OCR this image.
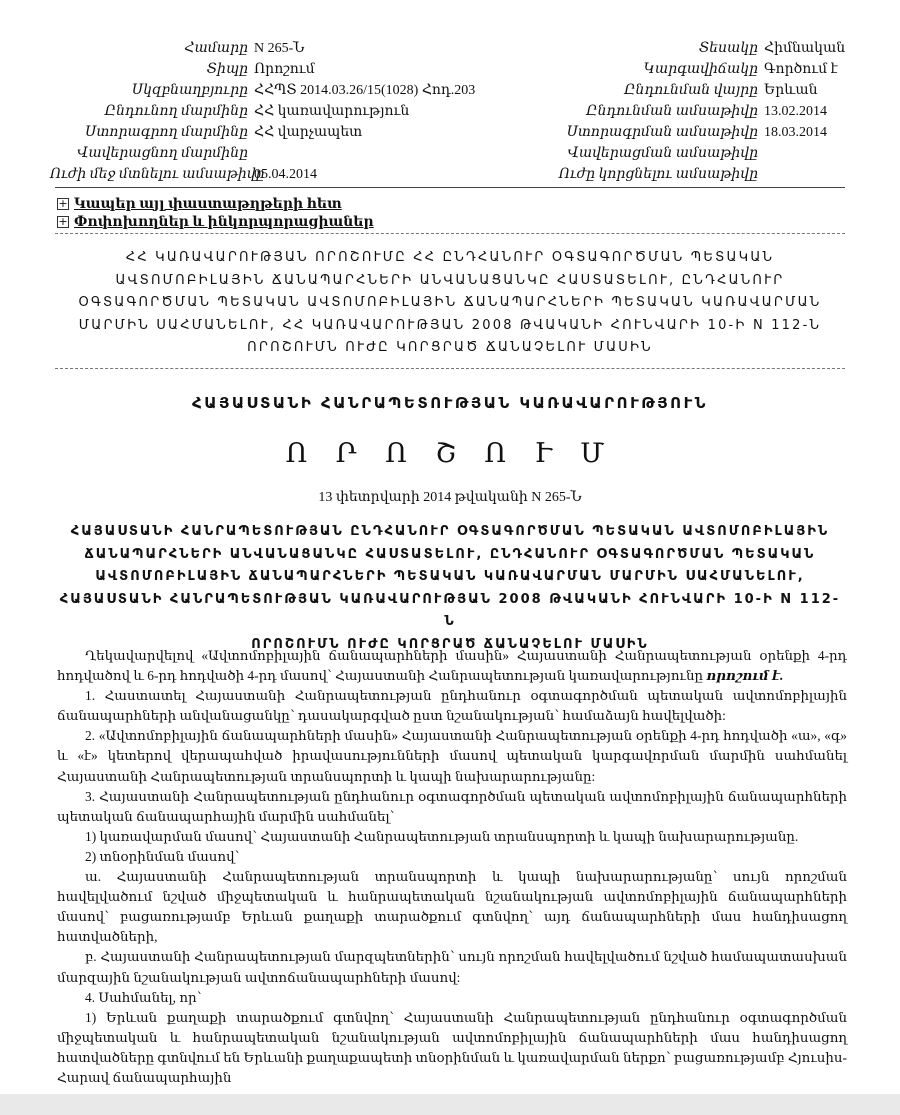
Համարը N 265-Ն
Տիպը Որոշում
Սկզբնաղբյուրը ՀՀՊՏ 2014.03.26/15(1028) Հոդ.203
Ընդունող մարմինը ՀՀ կառավարություն
Ստորագրող մարմինը ՀՀ վարչապետ
Վավերացնող մարմինը
Ուժի մեջ մտնելու ամսաթիվը
05.04.2014
Տեսակը Հիմնական
Կարգավիճակը Գործում է
Ընդունման վայրը Երևան
Ընդունման ամսաթիվը 13.02.2014
Ստորագրման ամսաթիվը 18.03.2014
Վավերացման ամսաթիվը
Ուժը կորցնելու ամսաթիվը
+ Կապեր այլ փաստաթղթերի հետ
+ Փոփոխողներ և ինկորպորացիաներ
ՀՀ ԿԱՌԱՎԱՐՈՒԹՅԱՆ ՈՐՈՇՈՒՄԸ ՀՀ ԸՆԴՀԱՆՈՒՐ ՕԳՏԱԳՈՐԾՄԱՆ ՊԵՏԱԿԱՆ
ԱՎՏՈՄՈԲԻԼԱՅԻՆ ՃԱՆԱՊԱՐՀՆԵՐԻ ԱՆՎԱՆԱՑԱՆԿԸ ՀԱՍՏԱՏԵԼՈՒ, ԸՆԴՀԱՆՈՒՐ
ՕԳՏԱԳՈՐԾՄԱՆ ՊԵՏԱԿԱՆ ԱՎՏՈՄՈԲԻԼԱՅԻՆ ՃԱՆԱՊԱՐՀՆԵՐԻ ՊԵՏԱԿԱՆ ԿԱՌԱՎԱՐՄԱՆ
ՄԱՐՄԻՆ ՍԱՀՄԱՆԵԼՈՒ, ՀՀ ԿԱՌԱՎԱՐՈՒԹՅԱՆ 2008 ԹՎԱԿԱՆԻ ՀՈՒՆՎԱՐԻ 10-Ի N 112-Ն
ՈՐՈՇՈՒՄՆ ՈՒԺԸ ԿՈՐՑՐԱԾ ՃԱՆԱՉԵԼՈՒ ՄԱՍԻՆ
ՀԱՅԱՍՏԱՆԻ ՀԱՆՐԱՊԵՏՈՒԹՅԱՆ ԿԱՌԱՎԱՐՈՒԹՅՈՒՆ
Ո Ր Ո Շ Ո Ւ Մ
13 փետրվարի 2014 թվականի N 265-Ն
ՀԱՅԱՍՏԱՆԻ ՀԱՆՐԱՊԵՏՈՒԹՅԱՆ ԸՆԴՀԱՆՈՒՐ ՕԳՏԱԳՈՐԾՄԱՆ ՊԵՏԱԿԱՆ ԱՎՏՈՄՈԲԻԼԱՅԻՆ
ՃԱՆԱՊԱՐՀՆԵՐԻ ԱՆՎԱՆԱՑԱՆԿԸ ՀԱՍՏԱՏԵԼՈՒ, ԸՆԴՀԱՆՈՒՐ ՕԳՏԱԳՈՐԾՄԱՆ ՊԵՏԱԿԱՆ
ԱՎՏՈՄՈԲԻԼԱՅԻՆ ՃԱՆԱՊԱՐՀՆԵՐԻ ՊԵՏԱԿԱՆ ԿԱՌԱՎԱՐՄԱՆ ՄԱՐՄԻՆ ՍԱՀՄԱՆԵԼՈՒ,
ՀԱՅԱՍՏԱՆԻ ՀԱՆՐԱՊԵՏՈՒԹՅԱՆ ԿԱՌԱՎԱՐՈՒԹՅԱՆ 2008 ԹՎԱԿԱՆԻ ՀՈՒՆՎԱՐԻ 10-Ի N 112-Ն
ՈՐՈՇՈՒՄՆ ՈՒԺԸ ԿՈՐՑՐԱԾ ՃԱՆԱՉԵԼՈՒ ՄԱՍԻՆ

Ղեկավարվելով «Ավտոմոբիլային ճանապարհների մասին» Հայաստանի Հանրապետության օրենքի 4-րդ հոդվածով և 6-րդ հոդվածի 4-րդ մասով՝ Հայաստանի Հանրապետության կառավարությունը որոշում է.

1. Հաստատել Հայաստանի Հանրապետության ընդհանուր օգտագործման պետական ավտոմոբիլային ճանապարհների անվանացանկը՝ դասակարգված ըստ նշանակության՝ համաձայն հավելվածի:

2. «Ավտոմոբիլային ճանապարհների մասին» Հայաստանի Հանրապետության օրենքի 4-րդ հոդվածի «ա», «գ» և «է» կետերով վերապահված իրավասությունների մասով պետական կարգավորման մարմին սահմանել Հայաստանի Հանրապետության տրանսպորտի և կապի նախարարությանը:

3. Հայաստանի Հանրապետության ընդհանուր օգտագործման պետական ավտոմոբիլային ճանապարհների պետական ճանապարհային մարմին սահմանել՝

1) կառավարման մասով՝ Հայաստանի Հանրապետության տրանսպորտի և կապի նախարարությանը.

2) տնօրինման մասով՝

ա. Հայաստանի Հանրապետության տրանսպորտի և կապի նախարարությանը՝ սույն որոշման հավելվածում նշված միջպետական և հանրապետական նշանակության ավտոմոբիլային ճանապարհների մասով՝ բացառությամբ Երևան քաղաքի տարածքում գտնվող՝ այդ ճանապարհների մաս հանդիսացող հատվածների,

բ. Հայաստանի Հանրապետության մարզպետներին՝ սույն որոշման հավելվածում նշված համապատասխան մարզային նշանակության ավտոճանապարհների մասով:

4. Սահմանել, որ՝

1) Երևան քաղաքի տարածքում գտնվող՝ Հայաստանի Հանրապետության ընդհանուր օգտագործման միջպետական և հանրապետական նշանակության ավտոմոբիլային ճանապարհների մաս հանդիսացող հատվածները գտնվում են Երևանի քաղաքապետի տնօրինման և կառավարման ներքո՝ բացառությամբ Հյուսիս-Հարավ ճանապարհային
